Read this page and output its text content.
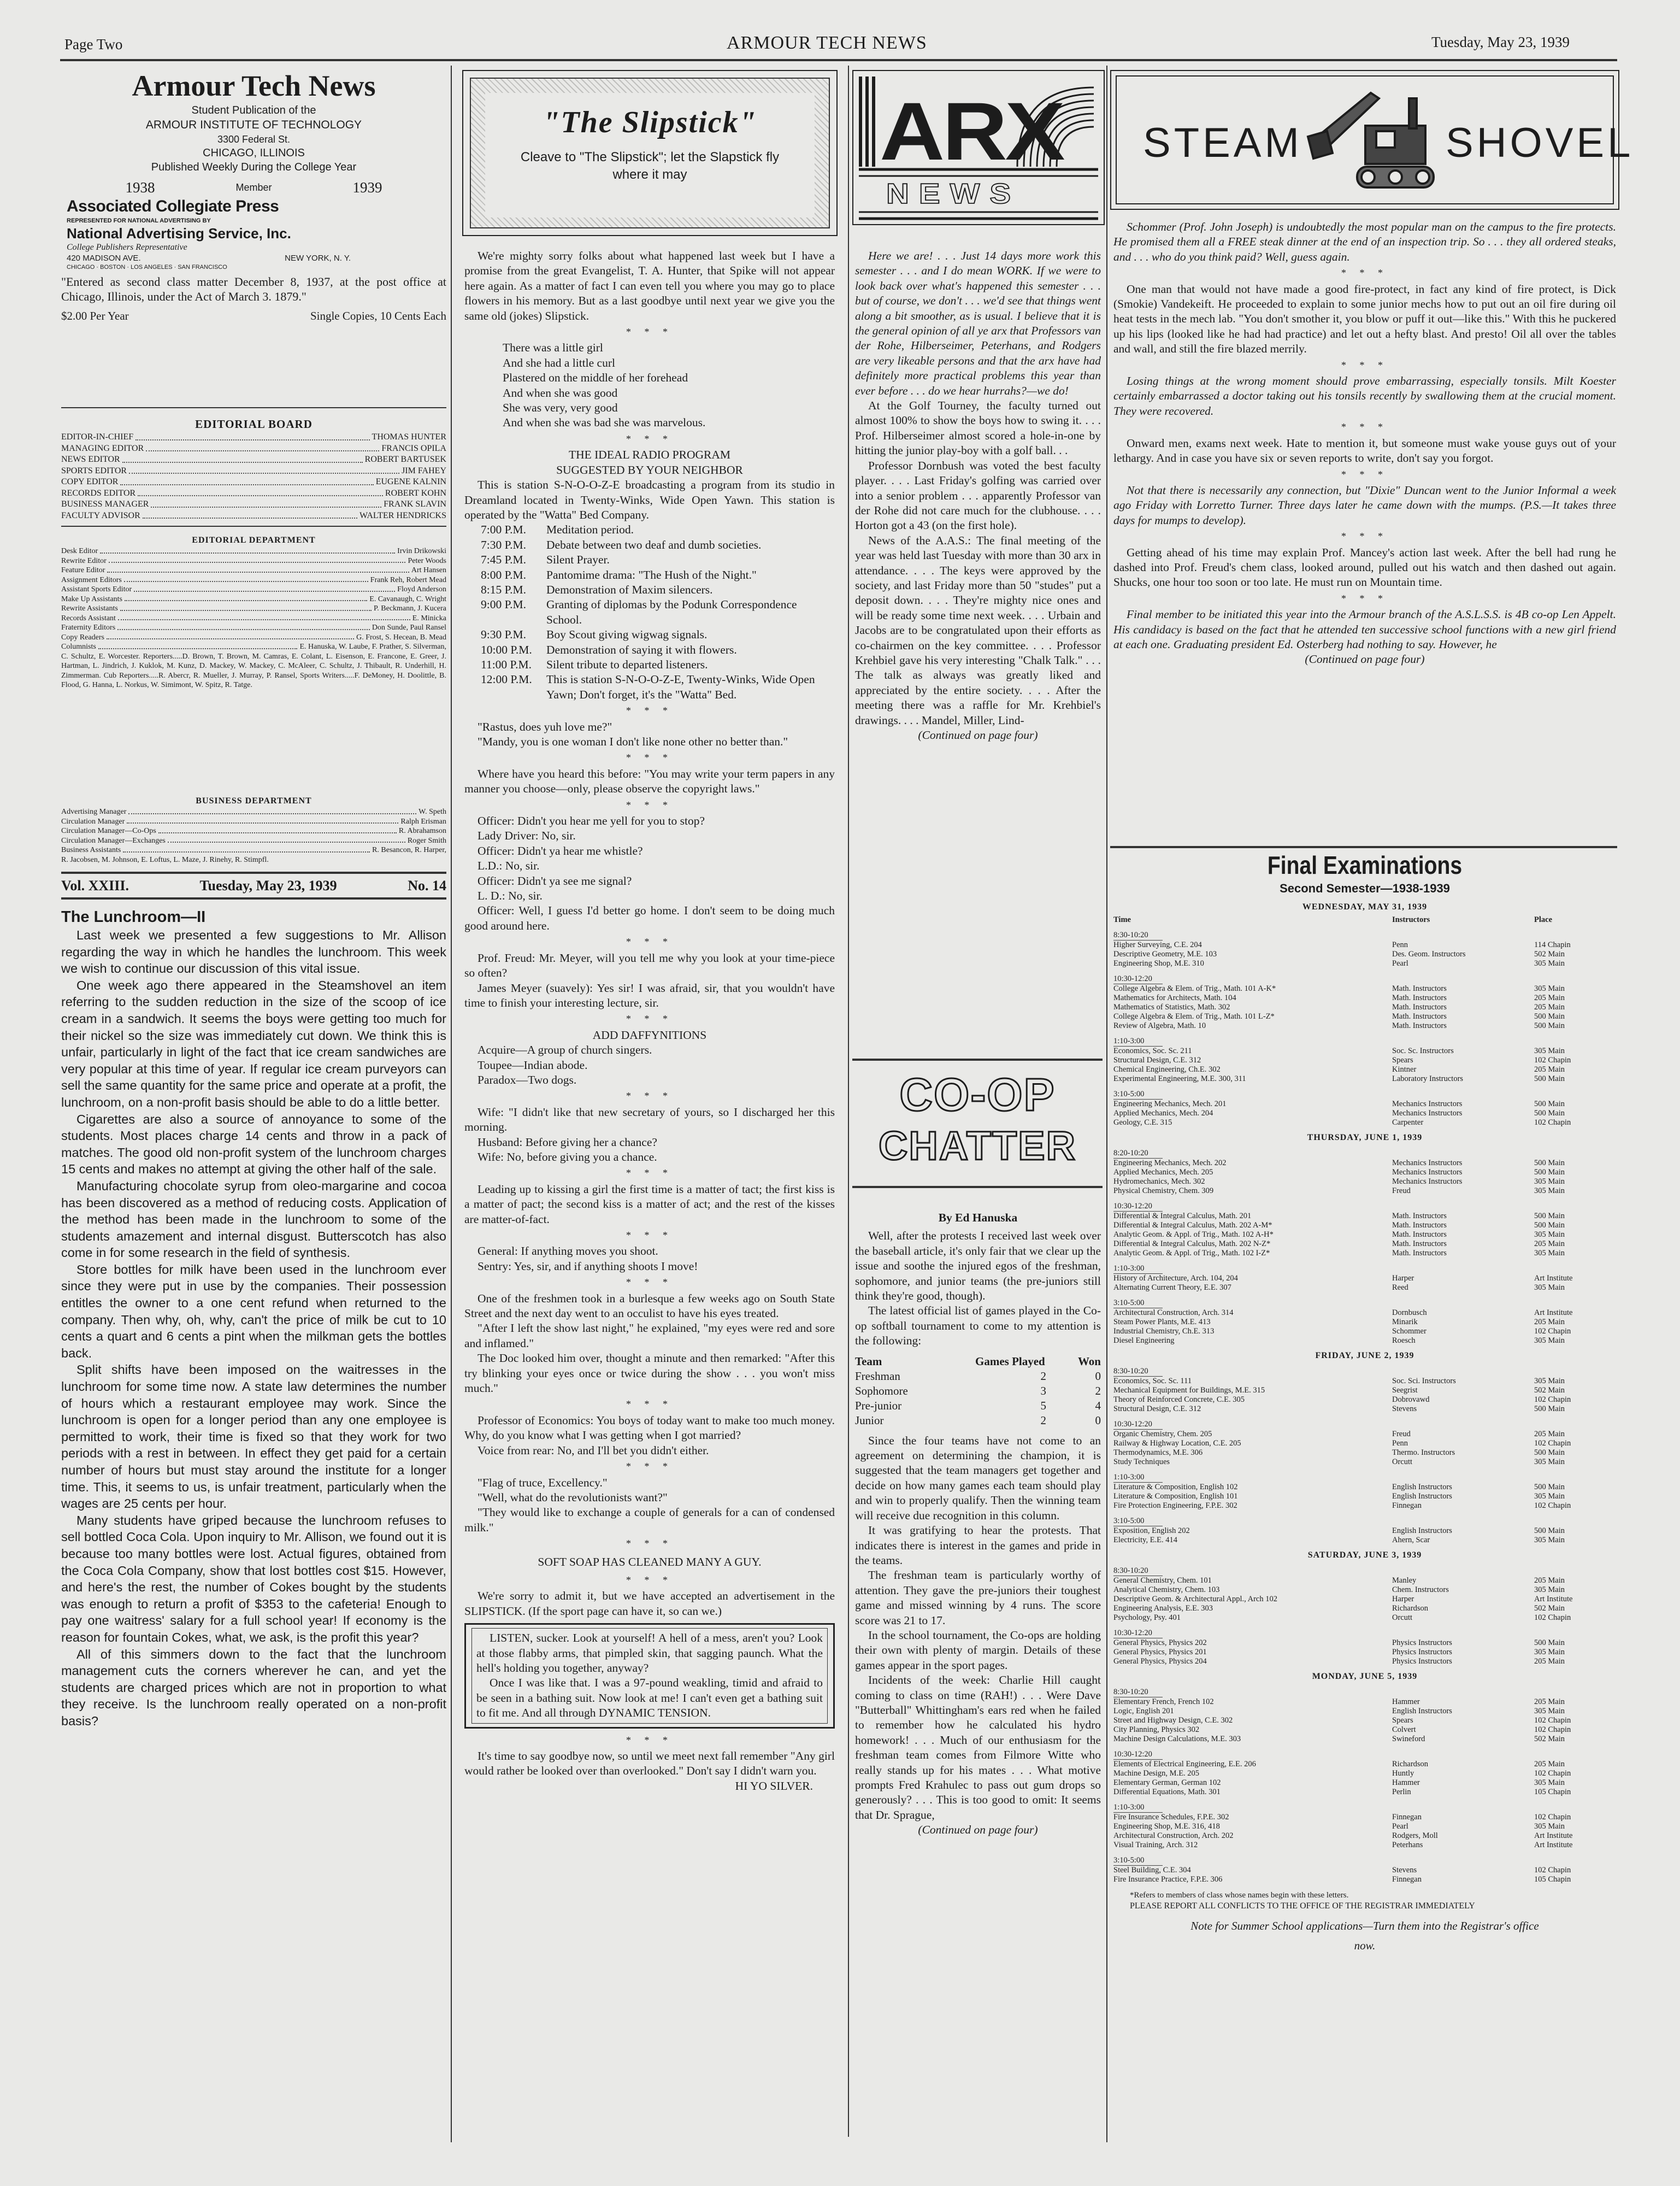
Page Two	ARMOUR TECH NEWS	Tuesday, May 23, 1939
Armour Tech News
Student Publication of the
ARMOUR INSTITUTE OF TECHNOLOGY
3300 Federal St.
CHICAGO, ILLINOIS
Published Weekly During the College Year
1938	Member	1939
Associated Collegiate Press
REPRESENTED FOR NATIONAL ADVERTISING BY
National Advertising Service, Inc.
College Publishers Representative
420 MADISON AVE.	NEW YORK, N. Y.
CHICAGO · BOSTON · LOS ANGELES · SAN FRANCISCO
"Entered as second class matter December 8, 1937, at the post office at Chicago, Illinois, under the Act of March 3. 1879."
$2.00 Per Year	Single Copies, 10 Cents Each
EDITORIAL BOARD
EDITOR-IN-CHIEF	THOMAS HUNTER
MANAGING EDITOR	FRANCIS OPILA
NEWS EDITOR	ROBERT BARTUSEK
SPORTS EDITOR	JIM FAHEY
COPY EDITOR	EUGENE KALNIN
RECORDS EDITOR	ROBERT KOHN
BUSINESS MANAGER	FRANK SLAVIN
FACULTY ADVISOR	WALTER HENDRICKS
EDITORIAL DEPARTMENT
Desk Editor	Irvin Drikowski
Rewrite Editor	Peter Woods
Feature Editor	Art Hansen
Assignment Editors	Frank Reh, Robert Mead
Assistant Sports Editor	Floyd Anderson
Make Up Assistants	E. Cavanaugh, C. Wright
Rewrite Assistants	P. Beckmann, J. Kucera
Records Assistant	E. Minicka
Fraternity Editors	Don Sunde, Paul Ransel
Copy Readers	G. Frost, S. Hecean, B. Mead
Columnists	E. Hanuska, W. Laube, F. Prather, S. Silverman,
C. Schultz, E. Worcester. Reporters.....D. Brown, T. Brown, M. Camras, E. Colant, L. Eisenson, E. Francone, E. Greer, J. Hartman, L. Jindrich, J. Kuklok, M. Kunz, D. Mackey, W. Mackey, C. McAleer, C. Schultz, J. Thibault, R. Underhill, H. Zimmerman. Cub Reporters.....R. Abercr, R. Mueller, J. Murray, P. Ransel, Sports Writers.....F. DeMoney, H. Doolittle, B. Flood, G. Hanna, L. Norkus, W. Simimont, W. Spitz, R. Tatge.
BUSINESS DEPARTMENT
Advertising Manager	W. Speth
Circulation Manager	Ralph Erisman
Circulation Manager—Co-Ops	R. Abrahamson
Circulation Manager—Exchanges	Roger Smith
Business Assistants	R. Besancon, R. Harper,
R. Jacobsen, M. Johnson, E. Loftus, L. Maze, J. Rinehy, R. Stimpfl.
Vol. XXIII.	Tuesday, May 23, 1939	No. 14
The Lunchroom—II

Last week we presented a few suggestions to Mr. Allison regarding the way in which he handles the lunchroom. This week we wish to continue our discussion of this vital issue.

One week ago there appeared in the Steamshovel an item referring to the sudden reduction in the size of the scoop of ice cream in a sandwich. It seems the boys were getting too much for their nickel so the size was immediately cut down. We think this is unfair, particularly in light of the fact that ice cream sandwiches are very popular at this time of year. If regular ice cream purveyors can sell the same quantity for the same price and operate at a profit, the lunchroom, on a non-profit basis should be able to do a little better.

Cigarettes are also a source of annoyance to some of the students. Most places charge 14 cents and throw in a pack of matches. The good old non-profit system of the lunchroom charges 15 cents and makes no attempt at giving the other half of the sale.

Manufacturing chocolate syrup from oleo-margarine and cocoa has been discovered as a method of reducing costs. Application of the method has been made in the lunchroom to some of the students amazement and internal disgust. Butterscotch has also come in for some research in the field of synthesis.

Store bottles for milk have been used in the lunchroom ever since they were put in use by the companies. Their possession entitles the owner to a one cent refund when returned to the company. Then why, oh, why, can't the price of milk be cut to 10 cents a quart and 6 cents a pint when the milkman gets the bottles back.

Split shifts have been imposed on the waitresses in the lunchroom for some time now. A state law determines the number of hours which a restaurant employee may work. Since the lunchroom is open for a longer period than any one employee is permitted to work, their time is fixed so that they work for two periods with a rest in between. In effect they get paid for a certain number of hours but must stay around the institute for a longer time. This, it seems to us, is unfair treatment, particularly when the wages are 25 cents per hour.

Many students have griped because the lunchroom refuses to sell bottled Coca Cola. Upon inquiry to Mr. Allison, we found out it is because too many bottles were lost. Actual figures, obtained from the Coca Cola Company, show that lost bottles cost $15. However, and here's the rest, the number of Cokes bought by the students was enough to return a profit of $353 to the cafeteria! Enough to pay one waitress' salary for a full school year! If economy is the reason for fountain Cokes, what, we ask, is the profit this year?

All of this simmers down to the fact that the lunchroom management cuts the corners wherever he can, and yet the students are charged prices which are not in proportion to what they receive. Is the lunchroom really operated on a non-profit basis?

"The Slipstick"
Cleave to "The Slipstick"; let the Slapstick fly where it may

We're mighty sorry folks about what happened last week but I have a promise from the great Evangelist, T. A. Hunter, that Spike will not appear here again. As a matter of fact I can even tell you where you may go to place flowers in his memory. But as a last goodbye until next year we give you the same old (jokes) Slipstick.

* * *
There was a little girl
And she had a little curl
Plastered on the middle of her forehead
And when she was good
She was very, very good
And when she was bad she was marvelous.
* * *
THE IDEAL RADIO PROGRAM
SUGGESTED BY YOUR NEIGHBOR

This is station S-N-O-O-Z-E broadcasting a program from its studio in Dreamland located in Twenty-Winks, Wide Open Yawn. This station is operated by the "Watta" Bed Company.

7:00 P.M.	Meditation period.
7:30 P.M.	Debate between two deaf and dumb societies.
7:45 P.M.	Silent Prayer.
8:00 P.M.	Pantomime drama: "The Hush of the Night."
8:15 P.M.	Demonstration of Maxim silencers.
9:00 P.M.	Granting of diplomas by the Podunk Correspondence School.
9:30 P.M.	Boy Scout giving wigwag signals.
10:00 P.M.	Demonstration of saying it with flowers.
11:00 P.M.	Silent tribute to departed listeners.
12:00 P.M.	This is station S-N-O-O-Z-E, Twenty-Winks, Wide Open Yawn; Don't forget, it's the "Watta" Bed.
* * *

"Rastus, does yuh love me?"

"Mandy, you is one woman I don't like none other no better than."

* * *

Where have you heard this before: "You may write your term papers in any manner you choose—only, please observe the copyright laws."

* * *

Officer: Didn't you hear me yell for you to stop?

Lady Driver: No, sir.

Officer: Didn't ya hear me whistle?

L.D.: No, sir.

Officer: Didn't ya see me signal?

L. D.: No, sir.

Officer: Well, I guess I'd better go home. I don't seem to be doing much good around here.

* * *

Prof. Freud: Mr. Meyer, will you tell me why you look at your time-piece so often?

James Meyer (suavely): Yes sir! I was afraid, sir, that you wouldn't have time to finish your interesting lecture, sir.

* * *
ADD DAFFYNITIONS

Acquire—A group of church singers.

Toupee—Indian abode.

Paradox—Two dogs.

* * *

Wife: "I didn't like that new secretary of yours, so I discharged her this morning.

Husband: Before giving her a chance?

Wife: No, before giving you a chance.

* * *

Leading up to kissing a girl the first time is a matter of tact; the first kiss is a matter of pact; the second kiss is a matter of act; and the rest of the kisses are matter-of-fact.

* * *

General: If anything moves you shoot.

Sentry: Yes, sir, and if anything shoots I move!

* * *

One of the freshmen took in a burlesque a few weeks ago on South State Street and the next day went to an occulist to have his eyes treated.

"After I left the show last night," he explained, "my eyes were red and sore and inflamed."

The Doc looked him over, thought a minute and then remarked: "After this try blinking your eyes once or twice during the show . . . you won't miss much."

* * *

Professor of Economics: You boys of today want to make too much money. Why, do you know what I was getting when I got married?

Voice from rear: No, and I'll bet you didn't either.

* * *

"Flag of truce, Excellency."

"Well, what do the revolutionists want?"

"They would like to exchange a couple of generals for a can of condensed milk."

* * *
SOFT SOAP HAS CLEANED MANY A GUY.
* * *

We're sorry to admit it, but we have accepted an advertisement in the SLIPSTICK. (If the sport page can have it, so can we.)

LISTEN, sucker. Look at yourself! A hell of a mess, aren't you? Look at those flabby arms, that pimpled skin, that sagging paunch. What the hell's holding you together, anyway?

Once I was like that. I was a 97-pound weakling, timid and afraid to be seen in a bathing suit. Now look at me! I can't even get a bathing suit to fit me. And all through DYNAMIC TENSION.

* * *

It's time to say goodbye now, so until we meet next fall remember "Any girl would rather be looked over than overlooked." Don't say I didn't warn you.

HI YO SILVER.
ARX
NEWS

Here we are! . . . Just 14 days more work this semester . . . and I do mean WORK. If we were to look back over what's happened this semester . . . but of course, we don't . . . we'd see that things went along a bit smoother, as is usual. I believe that it is the general opinion of all ye arx that Professors van der Rohe, Hilberseimer, Peterhans, and Rodgers are very likeable persons and that the arx have had definitely more practical problems this year than ever before . . . do we hear hurrahs?—we do!

At the Golf Tourney, the faculty turned out almost 100% to show the boys how to swing it. . . . Prof. Hilberseimer almost scored a hole-in-one by hitting the junior play-boy with a golf ball. . .

Professor Dornbush was voted the best faculty player. . . . Last Friday's golfing was carried over into a senior problem . . . apparently Professor van der Rohe did not care much for the clubhouse. . . . Horton got a 43 (on the first hole).

News of the A.A.S.: The final meeting of the year was held last Tuesday with more than 30 arx in attendance. . . . The keys were approved by the society, and last Friday more than 50 "studes" put a deposit down. . . . They're mighty nice ones and will be ready some time next week. . . . Urbain and Jacobs are to be congratulated upon their efforts as co-chairmen on the key committee. . . . Professor Krehbiel gave his very interesting "Chalk Talk." . . . The talk as always was greatly liked and appreciated by the entire society. . . . After the meeting there was a raffle for Mr. Krehbiel's drawings. . . . Mandel, Miller, Lind-

(Continued on page four)
CO-OP
CHATTER
By Ed Hanuska

Well, after the protests I received last week over the baseball article, it's only fair that we clear up the issue and soothe the injured egos of the freshman, sophomore, and junior teams (the pre-juniors still think they're good, though).

The latest official list of games played in the Co-op softball tournament to come to my attention is the following:

Team	Games Played	Won
Freshman	2	0
Sophomore	3	2
Pre-junior	5	4
Junior	2	0

Since the four teams have not come to an agreement on determining the champion, it is suggested that the team managers get together and decide on how many games each team should play and win to properly qualify. Then the winning team will receive due recognition in this column.

It was gratifying to hear the protests. That indicates there is interest in the games and pride in the teams.

The freshman team is particularly worthy of attention. They gave the pre-juniors their toughest game and missed winning by 4 runs. The score score was 21 to 17.

In the school tournament, the Co-ops are holding their own with plenty of margin. Details of these games appear in the sport pages.

Incidents of the week: Charlie Hill caught coming to class on time (RAH!) . . . Were Dave "Butterball" Whittingham's ears red when he failed to remember how he calculated his hydro homework! . . . Much of our enthusiasm for the freshman team comes from Filmore Witte who really stands up for his mates . . . What motive prompts Fred Krahulec to pass out gum drops so generously? . . . This is too good to omit: It seems that Dr. Sprague,

(Continued on page four)
STEAM	SHOVEL

Schommer (Prof. John Joseph) is undoubtedly the most popular man on the campus to the fire protects. He promised them all a FREE steak dinner at the end of an inspection trip. So . . . they all ordered steaks, and . . . who do you think paid? Well, guess again.

* * *

One man that would not have made a good fire-protect, in fact any kind of fire protect, is Dick (Smokie) Vandekeift. He proceeded to explain to some junior mechs how to put out an oil fire during oil heat tests in the mech lab. "You don't smother it, you blow or puff it out—like this." With this he puckered up his lips (looked like he had had practice) and let out a hefty blast. And presto! Oil all over the tables and wall, and still the fire blazed merrily.

* * *

Losing things at the wrong moment should prove embarrassing, especially tonsils. Milt Koester certainly embarrassed a doctor taking out his tonsils recently by swallowing them at the crucial moment. They were recovered.

* * *

Onward men, exams next week. Hate to mention it, but someone must wake youse guys out of your lethargy. And in case you have six or seven reports to write, don't say you forgot.

* * *

Not that there is necessarily any connection, but "Dixie" Duncan went to the Junior Informal a week ago Friday with Lorretto Turner. Three days later he came down with the mumps. (P.S.—It takes three days for mumps to develop).

* * *

Getting ahead of his time may explain Prof. Mancey's action last week. After the bell had rung he dashed into Prof. Freud's chem class, looked around, pulled out his watch and then dashed out again. Shucks, one hour too soon or too late. He must run on Mountain time.

* * *

Final member to be initiated this year into the Armour branch of the A.S.L.S.S. is 4B co-op Len Appelt. His candidacy is based on the fact that he attended ten successive school functions with a new girl friend at each one. Graduating president Ed. Osterberg had nothing to say. However, he

(Continued on page four)
Final Examinations
Second Semester—1938-1939
WEDNESDAY, MAY 31, 1939
Time	Instructors	Place
8:30-10:20
Higher Surveying, C.E. 204	Penn	114 Chapin
Descriptive Geometry, M.E. 103	Des. Geom. Instructors	502 Main
Engineering Shop, M.E. 310	Pearl	305 Main
10:30-12:20
College Algebra & Elem. of Trig., Math. 101 A-K*	Math. Instructors	305 Main
Mathematics for Architects, Math. 104	Math. Instructors	205 Main
Mathematics of Statistics, Math. 302	Math. Instructors	205 Main
College Algebra & Elem. of Trig., Math. 101 L-Z*	Math. Instructors	500 Main
Review of Algebra, Math. 10	Math. Instructors	500 Main
1:10-3:00
Economics, Soc. Sc. 211	Soc. Sc. Instructors	305 Main
Structural Design, C.E. 312	Spears	102 Chapin
Chemical Engineering, Ch.E. 302	Kintner	205 Main
Experimental Engineering, M.E. 300, 311	Laboratory Instructors	500 Main
3:10-5:00
Engineering Mechanics, Mech. 201	Mechanics Instructors	500 Main
Applied Mechanics, Mech. 204	Mechanics Instructors	500 Main
Geology, C.E. 315	Carpenter	102 Chapin
THURSDAY, JUNE 1, 1939
8:20-10:20
Engineering Mechanics, Mech. 202	Mechanics Instructors	500 Main
Applied Mechanics, Mech. 205	Mechanics Instructors	500 Main
Hydromechanics, Mech. 302	Mechanics Instructors	305 Main
Physical Chemistry, Chem. 309	Freud	305 Main
10:30-12:20
Differential & Integral Calculus, Math. 201	Math. Instructors	500 Main
Differential & Integral Calculus, Math. 202 A-M*	Math. Instructors	500 Main
Analytic Geom. & Appl. of Trig., Math. 102 A-H*	Math. Instructors	305 Main
Differential & Integral Calculus, Math. 202 N-Z*	Math. Instructors	205 Main
Analytic Geom. & Appl. of Trig., Math. 102 I-Z*	Math. Instructors	305 Main
1:10-3:00
History of Architecture, Arch. 104, 204	Harper	Art Institute
Alternating Current Theory, E.E. 307	Reed	305 Main
3:10-5:00
Architectural Construction, Arch. 314	Dornbusch	Art Institute
Steam Power Plants, M.E. 413	Minarik	205 Main
Industrial Chemistry, Ch.E. 313	Schommer	102 Chapin
Diesel Engineering	Roesch	305 Main
FRIDAY, JUNE 2, 1939
8:30-10:20
Economics, Soc. Sc. 111	Soc. Sci. Instructors	305 Main
Mechanical Equipment for Buildings, M.E. 315	Seegrist	502 Main
Theory of Reinforced Concrete, C.E. 305	Dobrovawd	102 Chapin
Structural Design, C.E. 312	Stevens	500 Main
10:30-12:20
Organic Chemistry, Chem. 205	Freud	205 Main
Railway & Highway Location, C.E. 205	Penn	102 Chapin
Thermodynamics, M.E. 306	Thermo. Instructors	500 Main
Study Techniques	Orcutt	305 Main
1:10-3:00
Literature & Composition, English 102	English Instructors	500 Main
Literature & Composition, English 101	English Instructors	305 Main
Fire Protection Engineering, F.P.E. 302	Finnegan	102 Chapin
3:10-5:00
Exposition, English 202	English Instructors	500 Main
Electricity, E.E. 414	Ahern, Scar	305 Main
SATURDAY, JUNE 3, 1939
8:30-10:20
General Chemistry, Chem. 101	Manley	205 Main
Analytical Chemistry, Chem. 103	Chem. Instructors	305 Main
Descriptive Geom. & Architectural Appl., Arch 102	Harper	Art Institute
Engineering Analysis, E.E. 303	Richardson	502 Main
Psychology, Psy. 401	Orcutt	102 Chapin
10:30-12:20
General Physics, Physics 202	Physics Instructors	500 Main
General Physics, Physics 201	Physics Instructors	305 Main
General Physics, Physics 204	Physics Instructors	205 Main
MONDAY, JUNE 5, 1939
8:30-10:20
Elementary French, French 102	Hammer	205 Main
Logic, English 201	English Instructors	305 Main
Street and Highway Design, C.E. 302	Spears	102 Chapin
City Planning, Physics 302	Colvert	102 Chapin
Machine Design Calculations, M.E. 303	Swineford	502 Main
10:30-12:20
Elements of Electrical Engineering, E.E. 206	Richardson	205 Main
Machine Design, M.E. 205	Huntly	102 Chapin
Elementary German, German 102	Hammer	305 Main
Differential Equations, Math. 301	Perlin	105 Chapin
1:10-3:00
Fire Insurance Schedules, F.P.E. 302	Finnegan	102 Chapin
Engineering Shop, M.E. 316, 418	Pearl	305 Main
Architectural Construction, Arch. 202	Rodgers, Moll	Art Institute
Visual Training, Arch. 312	Peterhans	Art Institute
3:10-5:00
Steel Building, C.E. 304	Stevens	102 Chapin
Fire Insurance Practice, F.P.E. 306	Finnegan	105 Chapin
*Refers to members of class whose names begin with these letters.
PLEASE REPORT ALL CONFLICTS TO THE OFFICE OF THE REGISTRAR IMMEDIATELY
Note for Summer School applications—Turn them into the Registrar's office now.
